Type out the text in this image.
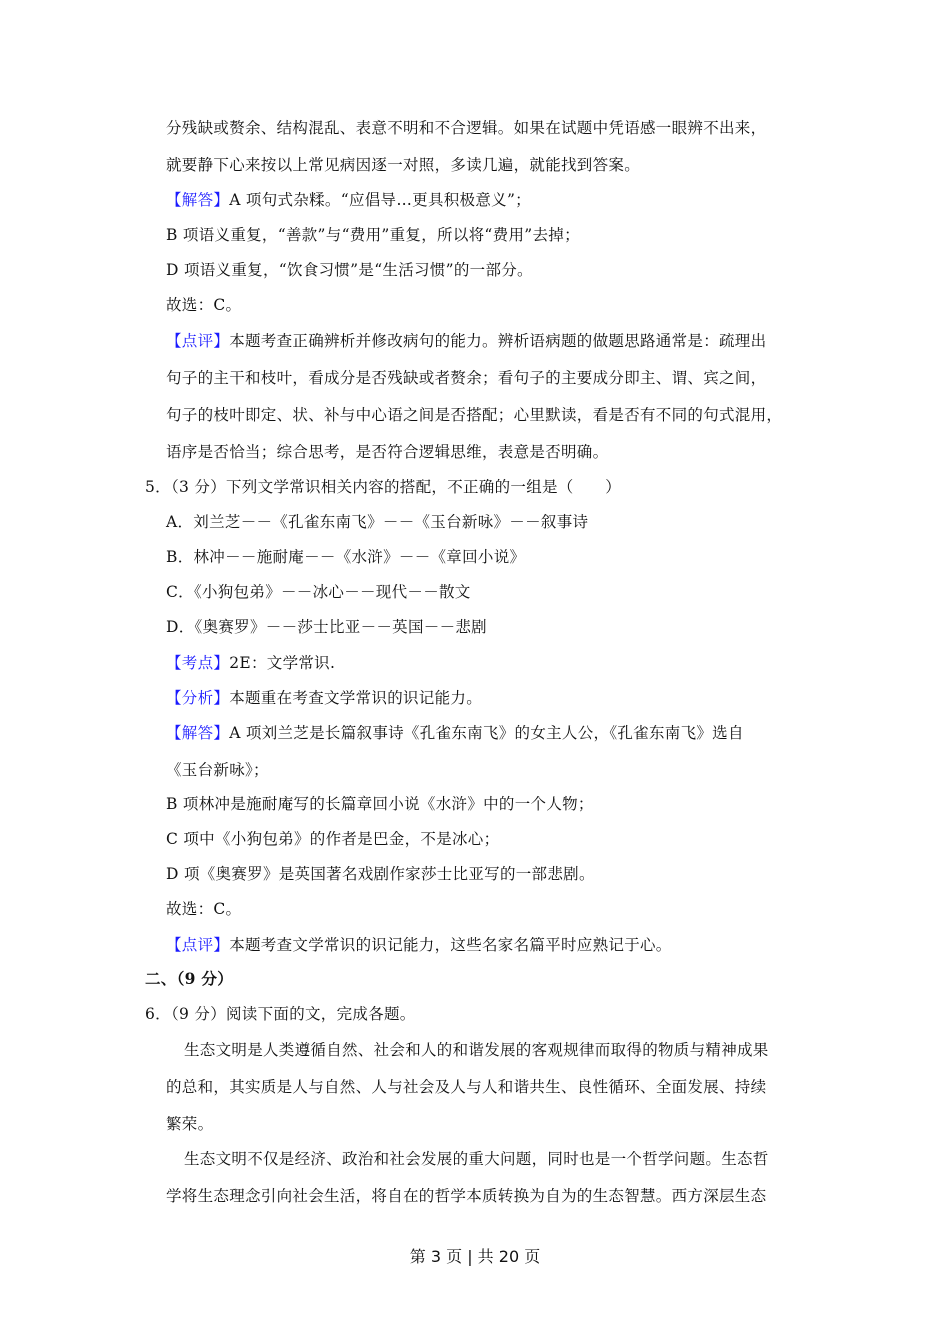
分残缺或赘余、结构混乱、表意不明和不合逻辑。如果在试题中凭语感一眼辨不出来，
就要静下心来按以上常见病因逐一对照，多读几遍，就能找到答案。
【解答】A 项句式杂糅。“应倡导…更具积极意义”；
B 项语义重复，“善款”与“费用”重复，所以将“费用”去掉；
D 项语义重复，“饮食习惯”是“生活习惯”的一部分。
故选：C。
【点评】本题考查正确辨析并修改病句的能力。辨析语病题的做题思路通常是：疏理出
句子的主干和枝叶，看成分是否残缺或者赘余；看句子的主要成分即主、谓、宾之间，
句子的枝叶即定、状、补与中心语之间是否搭配；心里默读，看是否有不同的句式混用，
语序是否恰当；综合思考，是否符合逻辑思维，表意是否明确。
5．（3 分）下列文学常识相关内容的搭配，不正确的一组是（　　）
A．刘兰芝－－《孔雀东南飞》－－《玉台新咏》－－叙事诗
B．林冲－－施耐庵－－《水浒》－－《章回小说》
C．《小狗包弟》－－冰心－－现代－－散文
D．《奥赛罗》－－莎士比亚－－英国－－悲剧
【考点】2E：文学常识.
【分析】本题重在考查文学常识的识记能力。
【解答】A 项刘兰芝是长篇叙事诗《孔雀东南飞》的女主人公，《孔雀东南飞》选自
《玉台新咏》；
B 项林冲是施耐庵写的长篇章回小说《水浒》中的一个人物；
C 项中《小狗包弟》的作者是巴金，不是冰心；
D 项《奥赛罗》是英国著名戏剧作家莎士比亚写的一部悲剧。
故选：C。
【点评】本题考查文学常识的识记能力，这些名家名篇平时应熟记于心。
二、（9 分）
6．（9 分）阅读下面的文，完成各题。
生态文明是人类遵循自然、社会和人的和谐发展的客观规律而取得的物质与精神成果
的总和，其实质是人与自然、人与社会及人与人和谐共生、良性循环、全面发展、持续
繁荣。
生态文明不仅是经济、政治和社会发展的重大问题，同时也是一个哲学问题。生态哲
学将生态理念引向社会生活，将自在的哲学本质转换为自为的生态智慧。西方深层生态
第 3 页 | 共 20 页
